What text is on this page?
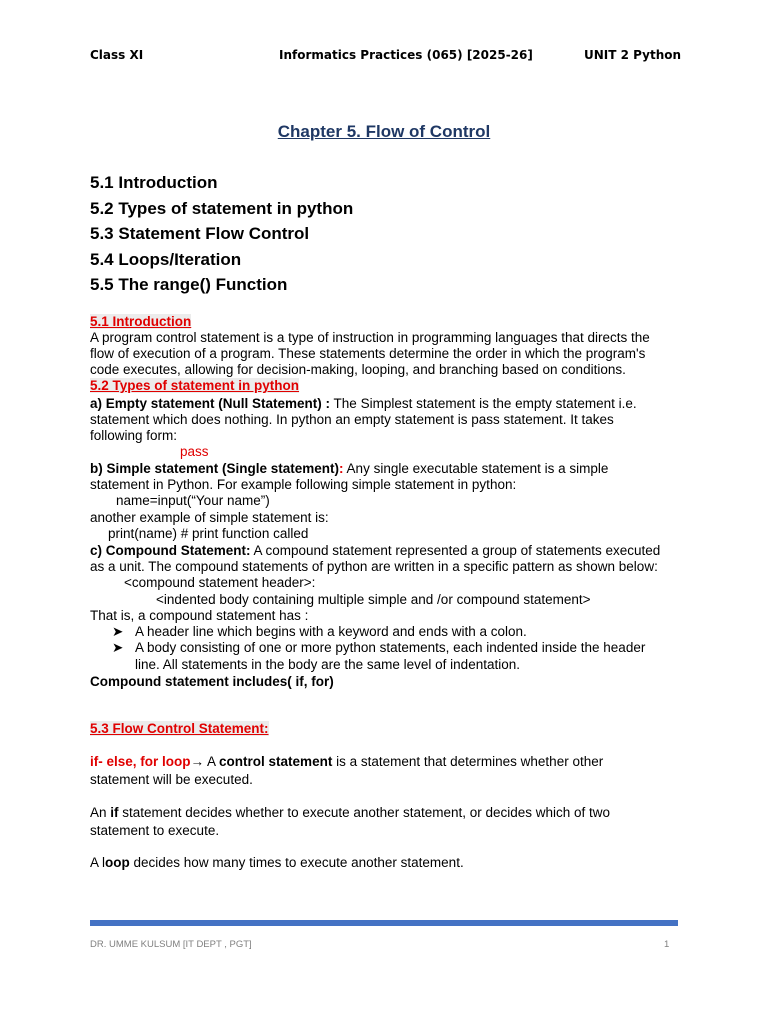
Class XI	Informatics Practices (065) [2025-26]	UNIT 2 Python
Chapter 5. Flow of Control
5.1 Introduction
5.2 Types of statement in python
5.3 Statement Flow Control
5.4 Loops/Iteration
5.5 The range() Function
5.1 Introduction
A program control statement is a type of instruction in programming languages that directs the
flow of execution of a program. These statements determine the order in which the program's
code executes, allowing for decision-making, looping, and branching based on conditions.
5.2 Types of statement in python
a) Empty statement (Null Statement) : The Simplest statement is the empty statement i.e.
statement which does nothing. In python an empty statement is pass statement. It takes
following form:
pass
b) Simple statement (Single statement): Any single executable statement is a simple
statement in Python. For example following simple statement in python:
name=input(“Your name”)
another example of simple statement is:
print(name) # print function called
c) Compound Statement: A compound statement represented a group of statements executed
as a unit. The compound statements of python are written in a specific pattern as shown below:
<compound statement header>:
<indented body containing multiple simple and /or compound statement>
That is, a compound statement has :
➤ A header line which begins with a keyword and ends with a colon.
➤ A body consisting of one or more python statements, each indented inside the header
line. All statements in the body are the same level of indentation.
Compound statement includes( if, for)
5.3 Flow Control Statement:
if- else, for loop→ A control statement is a statement that determines whether other
statement will be executed.
An if statement decides whether to execute another statement, or decides which of two
statement to execute.
A loop decides how many times to execute another statement.
DR. UMME KULSUM [IT DEPT , PGT]	1
